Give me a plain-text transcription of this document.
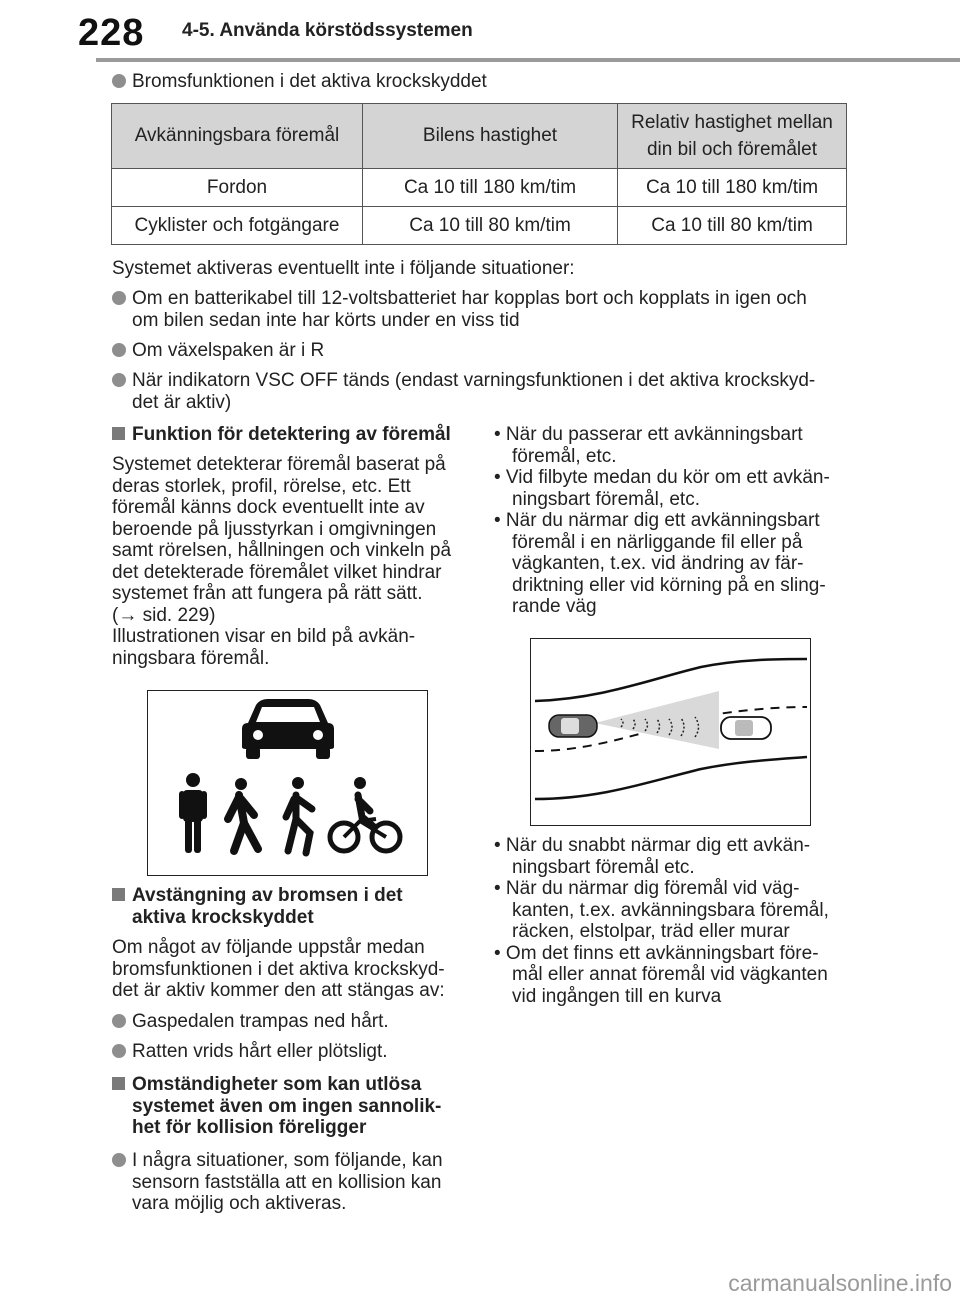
228 4-5. Använda körstödssystemen
Bromsfunktionen i det aktiva krockskyddet
Avkänningsbara föremål	Bilens hastighet	Relativ hastighet mellan
din bil och föremålet
Fordon	Ca 10 till 180 km/tim	Ca 10 till 180 km/tim
Cyklister och fotgängare	Ca 10 till 80 km/tim	Ca 10 till 80 km/tim
Systemet aktiveras eventuellt inte i följande situationer:
Om en batterikabel till 12-voltsbatteriet har kopplas bort och kopplats in igen och
om bilen sedan inte har körts under en viss tid
Om växelspaken är i R
När indikatorn VSC OFF tänds (endast varningsfunktionen i det aktiva krockskyd-
det är aktiv)
Funktion för detektering av föremål
Systemet detekterar föremål baserat på
deras storlek, profil, rörelse, etc. Ett
föremål känns dock eventuellt inte av
beroende på ljusstyrkan i omgivningen
samt rörelsen, hållningen och vinkeln på
det detekterade föremålet vilket hindrar
systemet från att fungera på rätt sätt.
(→ sid. 229)
Illustrationen visar en bild på avkän-
ningsbara föremål.
Avstängning av bromsen i det
aktiva krockskyddet
Om något av följande uppstår medan
bromsfunktionen i det aktiva krockskyd-
det är aktiv kommer den att stängas av:
Gaspedalen trampas ned hårt.
Ratten vrids hårt eller plötsligt.
Omständigheter som kan utlösa
systemet även om ingen sannolik-
het för kollision föreligger
I några situationer, som följande, kan
sensorn fastställa att en kollision kan
vara möjlig och aktiveras.
• När du passerar ett avkänningsbart
föremål, etc.
• Vid filbyte medan du kör om ett avkän-
ningsbart föremål, etc.
• När du närmar dig ett avkänningsbart
föremål i en närliggande fil eller på
vägkanten, t.ex. vid ändring av fär-
driktning eller vid körning på en sling-
rande väg
• När du snabbt närmar dig ett avkän-
ningsbart föremål etc.
• När du närmar dig föremål vid väg-
kanten, t.ex. avkänningsbara föremål,
räcken, elstolpar, träd eller murar
• Om det finns ett avkänningsbart före-
mål eller annat föremål vid vägkanten
vid ingången till en kurva
carmanualsonline.info
